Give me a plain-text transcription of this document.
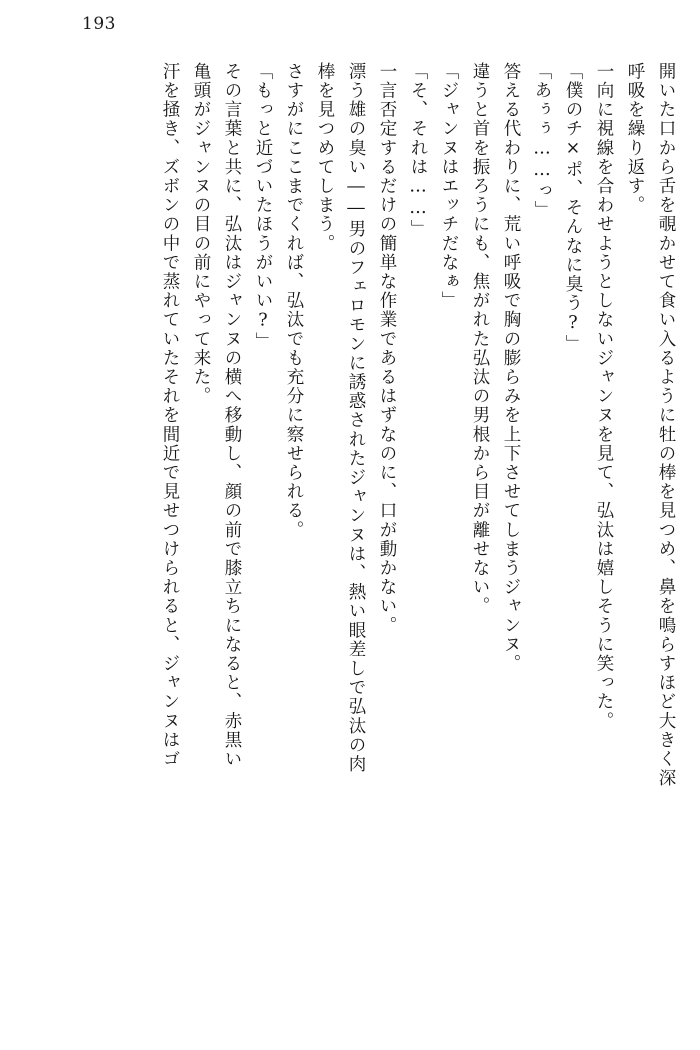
193
開いた口から舌を覗かせて食い入るように牡の棒を見つめ、鼻を鳴らすほど大きく深
呼吸を繰り返す。
一向に視線を合わせようとしないジャンヌを見て、弘汰は嬉しそうに笑った。
「僕のチ×ポ、そんなに臭う?」
「あぅぅ……っ」
答える代わりに、荒い呼吸で胸の膨らみを上下させてしまうジャンヌ。
違うと首を振ろうにも、焦がれた弘汰の男根から目が離せない。
「ジャンヌはエッチだなぁ」
「そ、それは……」
一言否定するだけの簡単な作業であるはずなのに、口が動かない。
漂う雄の臭い――男のフェロモンに誘惑されたジャンヌは、熱い眼差しで弘汰の肉
棒を見つめてしまう。
さすがにここまでくれば、弘汰でも充分に察せられる。
「もっと近づいたほうがいい?」
その言葉と共に、弘汰はジャンヌの横へ移動し、顔の前で膝立ちになると、赤黒い
亀頭がジャンヌの目の前にやって来た。
汗を掻き、ズボンの中で蒸れていたそれを間近で見せつけられると、ジャンヌはゴ
